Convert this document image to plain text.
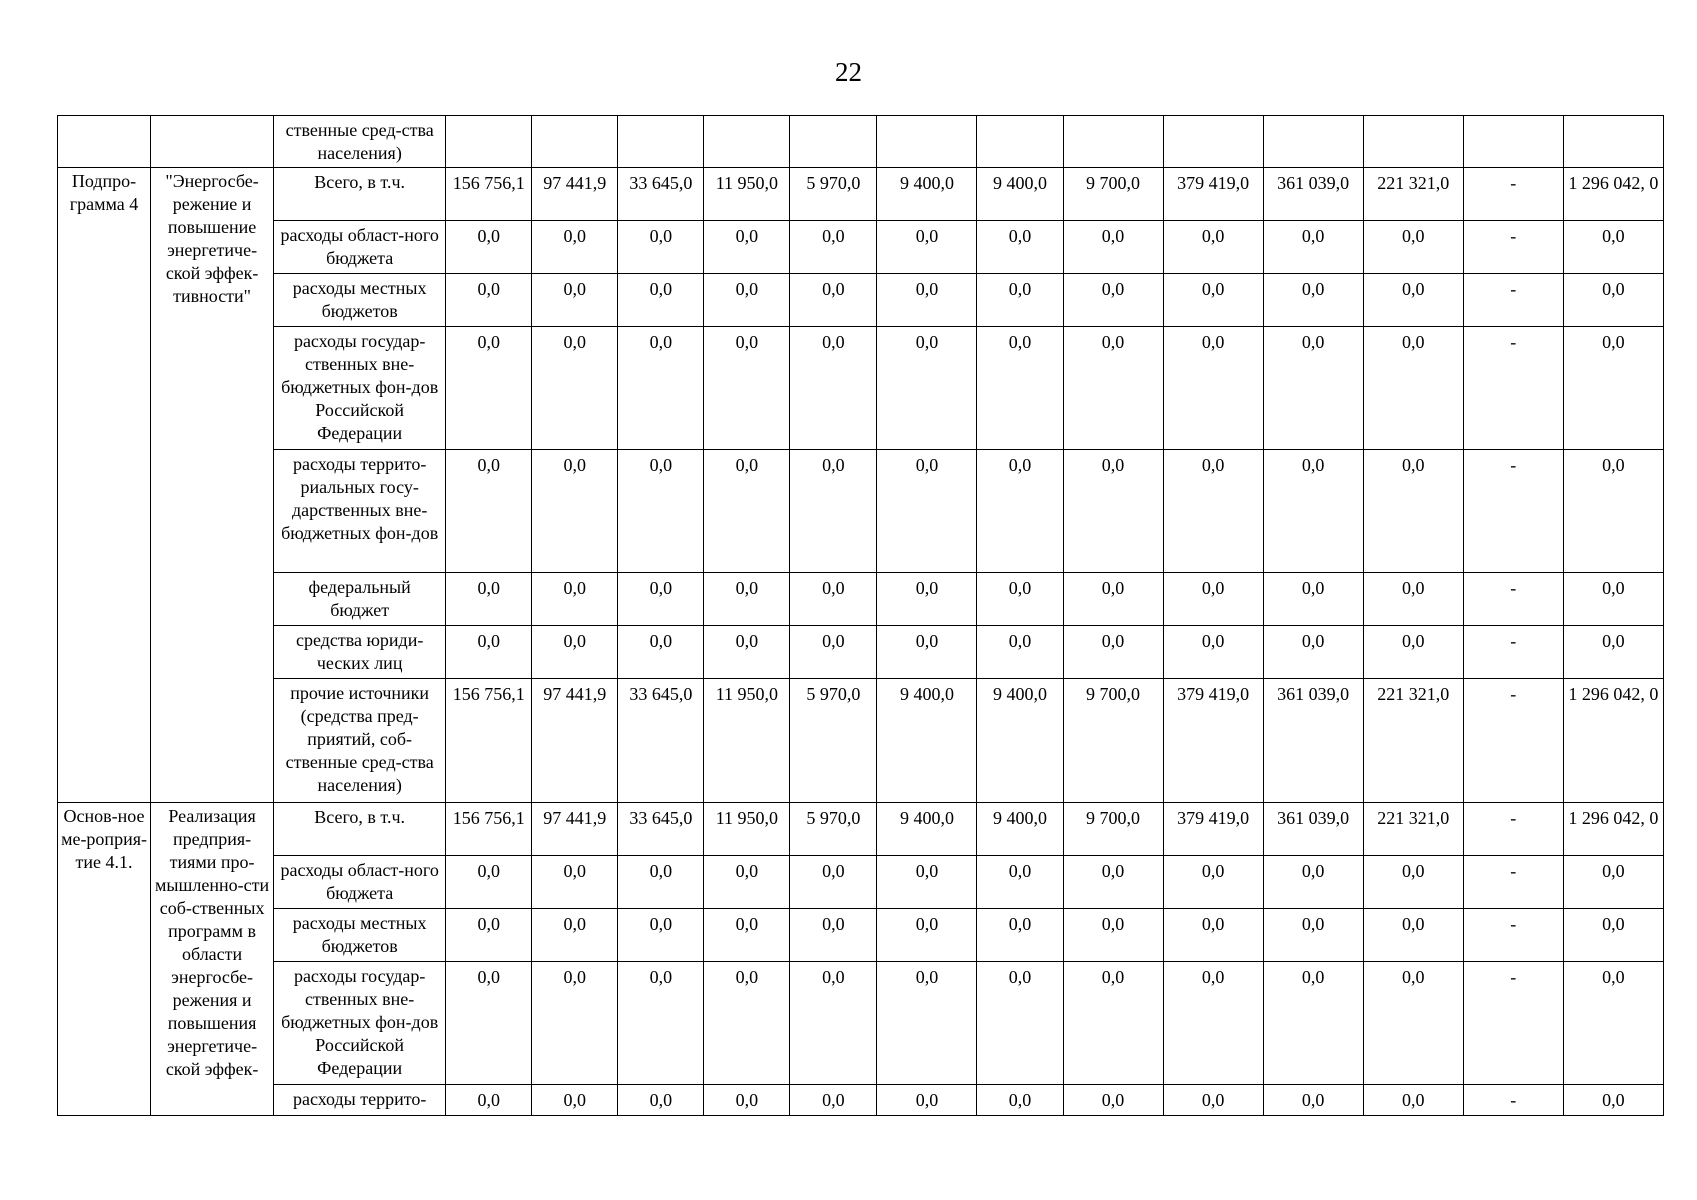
22
		ственные сред-ства населения)													
Подпро-грамма 4	"Энергосбе-режение и повышение энергетиче-ской эффек-тивности"	Всего, в т.ч.	156 756,1	97 441,9	33 645,0	11 950,0	5 970,0	9 400,0	9 400,0	9 700,0	379 419,0	361 039,0	221 321,0	-	1 296 042, 0
		расходы област-ного бюджета	0,0	0,0	0,0	0,0	0,0	0,0	0,0	0,0	0,0	0,0	0,0	-	0,0
		расходы местных бюджетов	0,0	0,0	0,0	0,0	0,0	0,0	0,0	0,0	0,0	0,0	0,0	-	0,0
		расходы государ-ственных вне-бюджетных фон-дов Российской Федерации	0,0	0,0	0,0	0,0	0,0	0,0	0,0	0,0	0,0	0,0	0,0	-	0,0
		расходы террито-риальных госу-дарственных вне-бюджетных фон-дов	0,0	0,0	0,0	0,0	0,0	0,0	0,0	0,0	0,0	0,0	0,0	-	0,0
		федеральный бюджет	0,0	0,0	0,0	0,0	0,0	0,0	0,0	0,0	0,0	0,0	0,0	-	0,0
		средства юриди-ческих лиц	0,0	0,0	0,0	0,0	0,0	0,0	0,0	0,0	0,0	0,0	0,0	-	0,0
		прочие источники (средства пред-приятий, соб-ственные сред-ства населения)	156 756,1	97 441,9	33 645,0	11 950,0	5 970,0	9 400,0	9 400,0	9 700,0	379 419,0	361 039,0	221 321,0	-	1 296 042, 0
Основ-ное ме-роприя-тие 4.1.	Реализация предприя-тиями про-мышленно-сти соб-ственных программ в области энергосбе-режения и повышения энергетиче-ской эффек-	Всего, в т.ч.	156 756,1	97 441,9	33 645,0	11 950,0	5 970,0	9 400,0	9 400,0	9 700,0	379 419,0	361 039,0	221 321,0	-	1 296 042, 0
		расходы област-ного бюджета	0,0	0,0	0,0	0,0	0,0	0,0	0,0	0,0	0,0	0,0	0,0	-	0,0
		расходы местных бюджетов	0,0	0,0	0,0	0,0	0,0	0,0	0,0	0,0	0,0	0,0	0,0	-	0,0
		расходы государ-ственных вне-бюджетных фон-дов Российской Федерации	0,0	0,0	0,0	0,0	0,0	0,0	0,0	0,0	0,0	0,0	0,0	-	0,0
		расходы террито-	0,0	0,0	0,0	0,0	0,0	0,0	0,0	0,0	0,0	0,0	0,0	-	0,0
